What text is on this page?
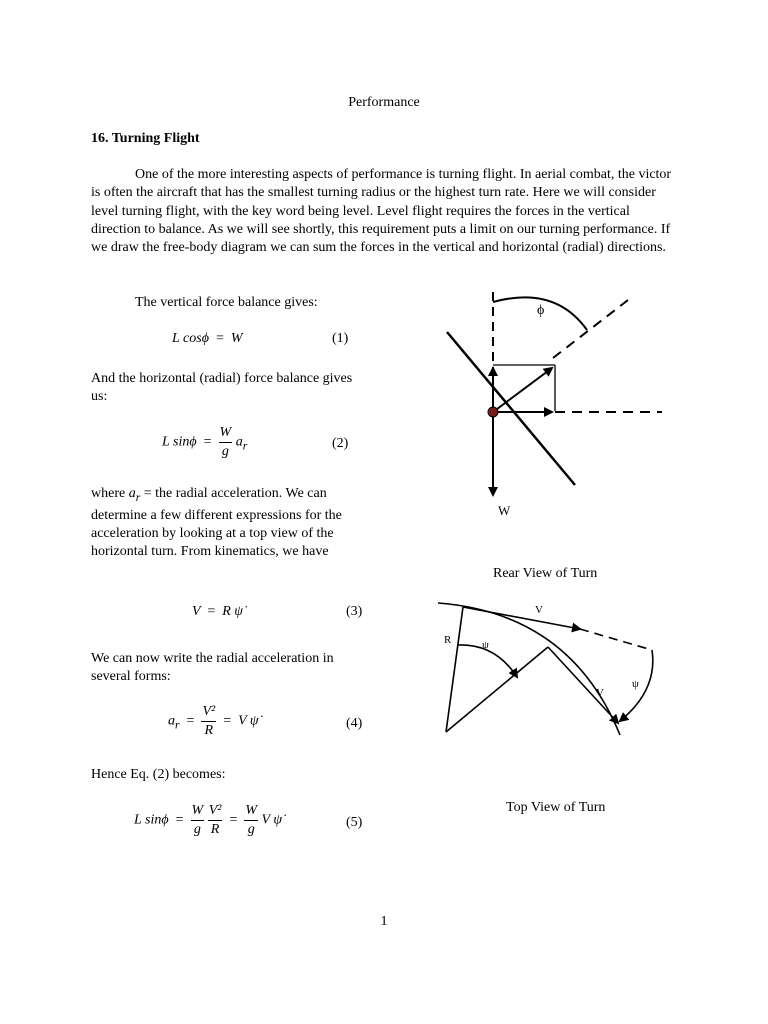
Performance
16. Turning Flight
One of the more interesting aspects of performance is turning flight. In aerial combat, the victor is often the aircraft that has the smallest turning radius or the highest turn rate. Here we will consider level turning flight, with the key word being level. Level flight requires the forces in the vertical direction to balance. As we will see shortly, this requirement puts a limit on our turning performance. If we draw the free-body diagram we can sum the forces in the vertical and horizontal (radial) directions.
The vertical force balance gives:
L cosϕ = W	(1)
And the horizontal (radial) force balance gives us:
L $\sin\phi = \frac{W}{g} a_r$	(2)
where $a_r$ = the radial acceleration. We can determine a few different expressions for the acceleration by looking at a top view of the horizontal turn. From kinematics, we have
V = R ψ̇	(3)
We can now write the radial acceleration in several forms:
$a_r = \frac{\text{V²}}{R} = V$ ψ̇	(4)
Hence Eq. (2) becomes:
L $\sin\phi = \frac{W}{g}$
$\frac{\text{V²}}{R} = \frac{W}{g}$ V ψ̇	(5)
ϕ
W
Rear View of Turn
R	ψ
V
V
ψ
Top View of Turn
1
